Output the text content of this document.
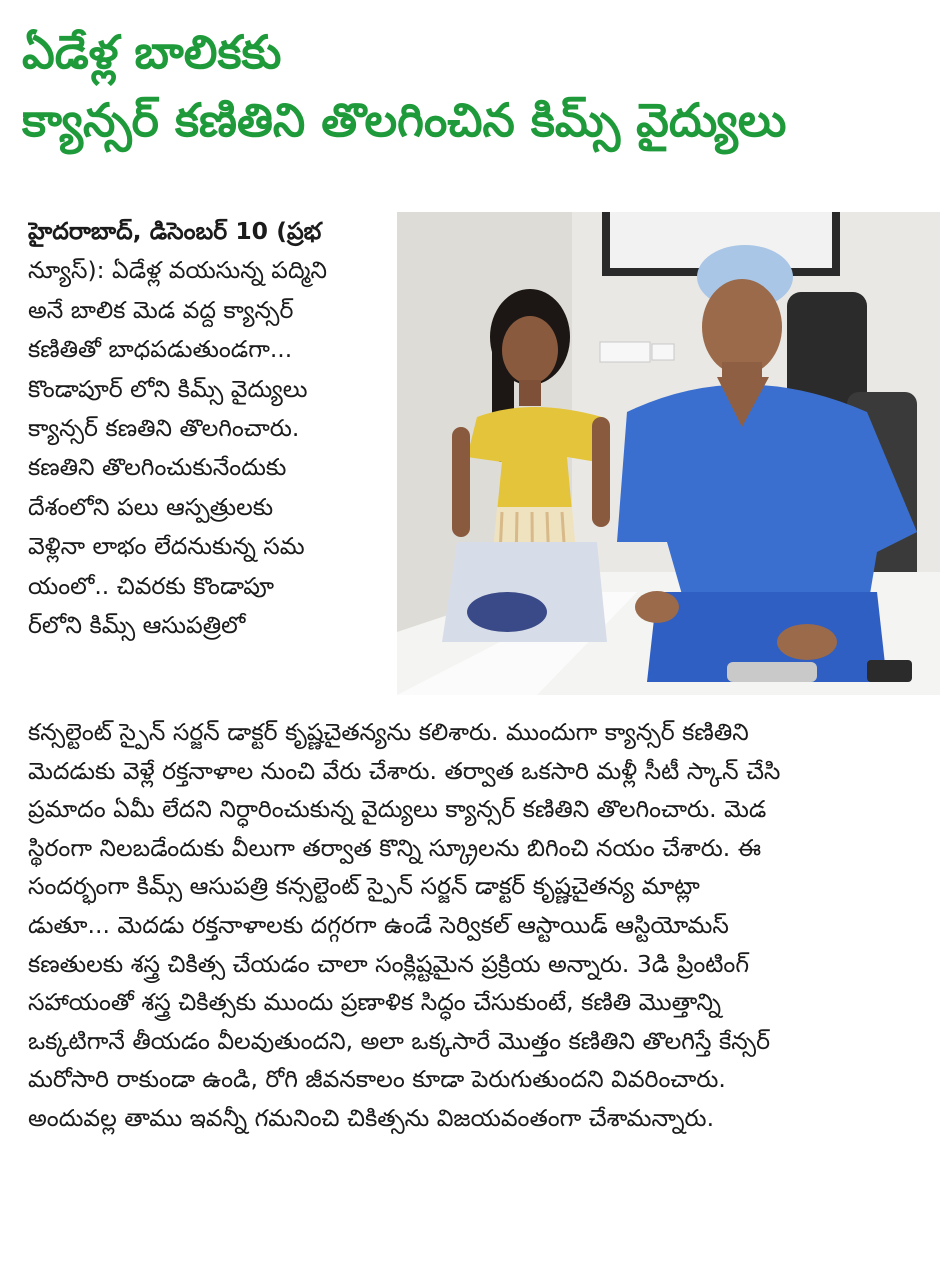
ఏడేళ్ల బాలికకు
క్యాన్సర్ కణితిని తొలగించిన కిమ్స్ వైద్యులు
హైదరాబాద్, డిసెంబర్ 10 (ప్రభ
న్యూస్): ఏడేళ్ల వయసున్న పద్మిని
అనే బాలిక మెడ వద్ద క్యాన్సర్
కణితితో బాధపడుతుండగా...
కొండాపూర్ లోని కిమ్స్ వైద్యులు
క్యాన్సర్ కణతిని తొలగించారు.
కణతిని తొలగించుకునేందుకు
దేశంలోని పలు ఆస్పత్రులకు
వెళ్లినా లాభం లేదనుకున్న సమ
యంలో.. చివరకు కొండాపూ
ర్‌లోని కిమ్స్ ఆసుపత్రిలో
కన్సల్టెంట్ స్పైన్ సర్జన్ డాక్టర్ కృష్ణచైతన్యను కలిశారు. ముందుగా క్యాన్సర్ కణితిని
మెదడుకు వెళ్లే రక్తనాళాల నుంచి వేరు చేశారు. తర్వాత ఒకసారి మళ్లీ సీటీ స్కాన్ చేసి
ప్రమాదం ఏమీ లేదని నిర్ధారించుకున్న వైద్యులు క్యాన్సర్ కణితిని తొలగించారు. మెడ
స్థిరంగా నిలబడేందుకు వీలుగా తర్వాత కొన్ని స్క్రూలను బిగించి నయం చేశారు. ఈ
సందర్భంగా కిమ్స్ ఆసుపత్రి కన్సల్టెంట్ స్పైన్ సర్జన్ డాక్టర్ కృష్ణచైతన్య మాట్లా
డుతూ... మెదడు రక్తనాళాలకు దగ్గరగా ఉండే సెర్వికల్ ఆస్టాయిడ్ ఆస్టియోమస్
కణతులకు శస్త్ర చికిత్స చేయడం చాలా సంక్లిష్టమైన ప్రక్రియ అన్నారు. 3డి ప్రింటింగ్
సహాయంతో శస్త్ర చికిత్సకు ముందు ప్రణాళిక సిద్ధం చేసుకుంటే, కణితి మొత్తాన్ని
ఒక్కటిగానే తీయడం వీలవుతుందని, అలా ఒక్కసారే మొత్తం కణితిని తొలగిస్తే కేన్సర్
మరోసారి రాకుండా ఉండి, రోగి జీవనకాలం కూడా పెరుగుతుందని వివరించారు.
అందువల్ల తాము ఇవన్నీ గమనించి చికిత్సను విజయవంతంగా చేశామన్నారు.
